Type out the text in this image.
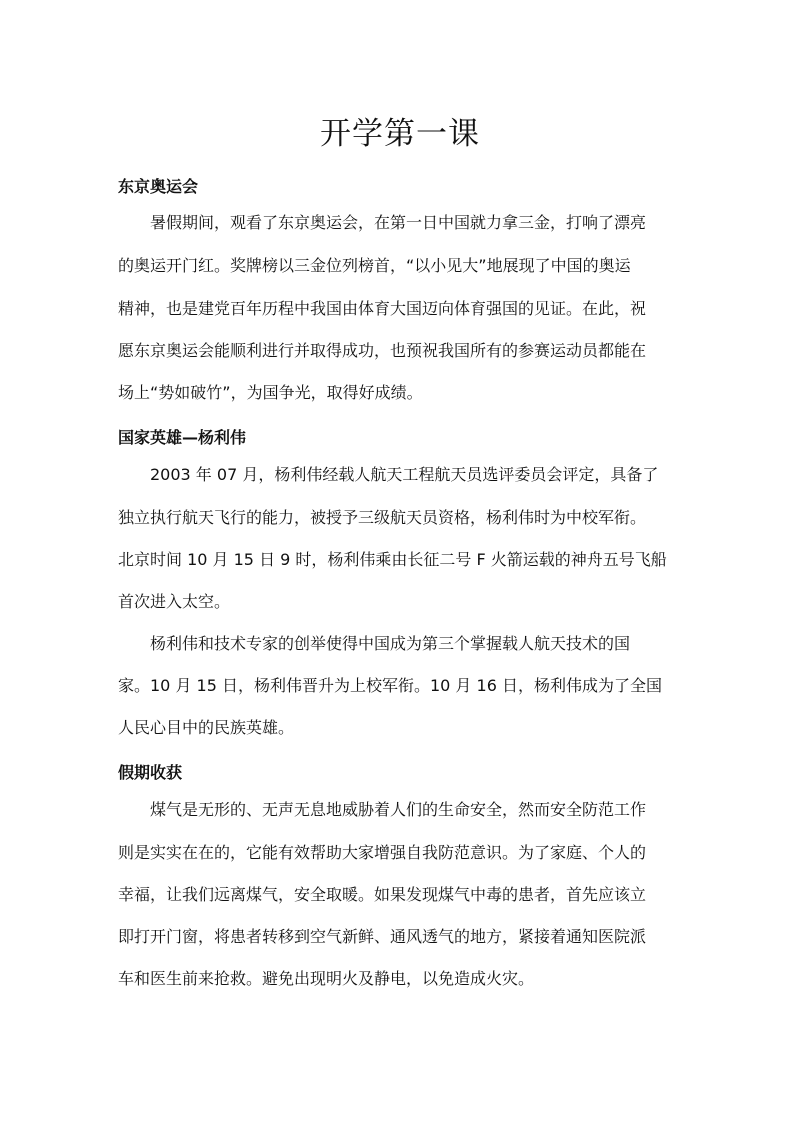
开学第一课
东京奥运会

暑假期间，观看了东京奥运会，在第一日中国就力拿三金，打响了漂亮

的奥运开门红。奖牌榜以三金位列榜首，“以小见大”地展现了中国的奥运

精神，也是建党百年历程中我国由体育大国迈向体育强国的见证。在此，祝

愿东京奥运会能顺利进行并取得成功，也预祝我国所有的参赛运动员都能在

场上“势如破竹”，为国争光，取得好成绩。

国家英雄—杨利伟

2003 年 07 月，杨利伟经载人航天工程航天员选评委员会评定，具备了

独立执行航天飞行的能力，被授予三级航天员资格，杨利伟时为中校军衔。

北京时间 10 月 15 日 9 时，杨利伟乘由长征二号 F 火箭运载的神舟五号飞船

首次进入太空。

杨利伟和技术专家的创举使得中国成为第三个掌握载人航天技术的国

家。10 月 15 日，杨利伟晋升为上校军衔。10 月 16 日，杨利伟成为了全国

人民心目中的民族英雄。

假期收获

煤气是无形的、无声无息地威胁着人们的生命安全，然而安全防范工作

则是实实在在的，它能有效帮助大家增强自我防范意识。为了家庭、个人的

幸福，让我们远离煤气，安全取暖。如果发现煤气中毒的患者，首先应该立

即打开门窗，将患者转移到空气新鲜、通风透气的地方，紧接着通知医院派

车和医生前来抢救。避免出现明火及静电，以免造成火灾。
